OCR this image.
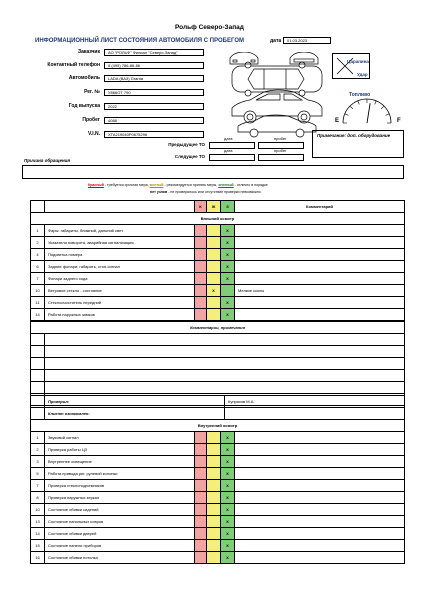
Рольф Северо-Запад
ИНФОРМАЦИОННЫЙ ЛИСТ СОСТОЯНИЯ АВТОМОБИЛЯ С ПРОБЕГОМ	дата	01.03.2023
Заказчик	АО "РОЛЬФ" Филиал "Северо-Запад"
Контактный телефон	8 (495) 786-86-86
Автомобиль	LADA (ВАЗ) Granta
Рег. №	У866ОТ 790
Год выпуска	2022
Пробег	4088
V.I.N.	XTA219040P0675296
Предыдущее ТО
дата	пробег
Следущее ТО
дата	пробег
Царапина
Удар
Топливо
E	F
Примечание: доп. оборудование
Причина обращения
Красный - требуется срочная мера, желтый - рекомендуется принять меры, зеленый - отлично в порядке
нет узлов - не проверялось или отсутствие проверки невозможно
		К	Ж	З	Комментарий
Внешний осмотр					
1	Фары: габариты, ближний, дальний свет			X	
2	Указатели поворота, аварийная сигнализация			X	
4	Подсветка номера			X	
6	Задние фонари: габарить, стоп-сигнал			X	
7	Фонари заднего хода			X	
10	Ветровое стекло - состояние		X		Мелкие сколы
11	Стеклоочиститель передний			X	
14	Работа наружных замков			X	
Комментарии, примечания	

	Проверил:	Купряхов М.А.
	Клиент ознакомлен:	
Внутренний осмотр					
1	Звуковой сигнал			X	
2	Проверка работы ЦЗ			X	
3	Внутреннее освещение			X	
5	Работа привода рег. рулевой колонки			X	
7	Проверка стеклоподъемников			X	
8	Проверка наружных зеркал			X	
10	Состояние обивки сидений			X	
13	Состояние напольных ковров			X	
14	Состояние обивки дверей			X	
15	Состояние панели приборов			X	
16	Состояние обивки потолка			X	
